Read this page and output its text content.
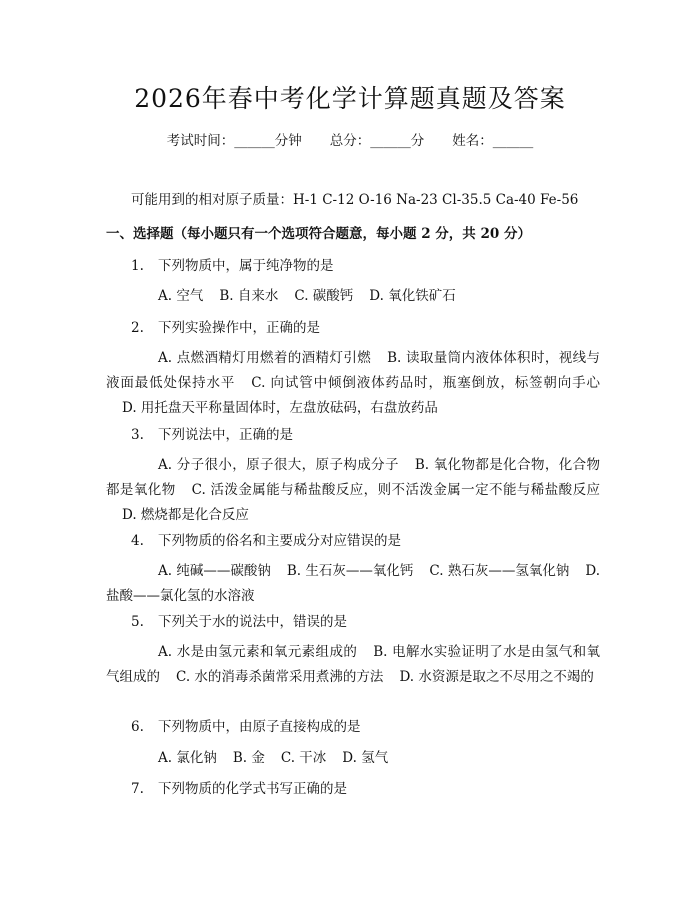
2026年春中考化学计算题真题及答案
考试时间：______分钟 总分：______分 姓名：______
可能用到的相对原子质量：H-1 C-12 O-16 Na-23 Cl-35.5 Ca-40 Fe-56
一、选择题（每小题只有一个选项符合题意，每小题 2 分，共 20 分）
1. 下列物质中，属于纯净物的是
A. 空气 B. 自来水 C. 碳酸钙 D. 氧化铁矿石
2. 下列实验操作中，正确的是
A. 点燃酒精灯用燃着的酒精灯引燃 B. 读取量筒内液体体积时，视线与液面最低处保持水平 C. 向试管中倾倒液体药品时，瓶塞倒放，标签朝向手心D. 用托盘天平称量固体时，左盘放砝码，右盘放药品
3. 下列说法中，正确的是
A. 分子很小，原子很大，原子构成分子 B. 氧化物都是化合物，化合物都是氧化物 C. 活泼金属能与稀盐酸反应，则不活泼金属一定不能与稀盐酸反应D. 燃烧都是化合反应
4. 下列物质的俗名和主要成分对应错误的是
A. 纯碱——碳酸钠 B. 生石灰——氧化钙 C. 熟石灰——氢氧化钠 D. 盐酸——氯化氢的水溶液
5. 下列关于水的说法中，错误的是
A. 水是由氢元素和氧元素组成的 B. 电解水实验证明了水是由氢气和氧气组成的 C. 水的消毒杀菌常采用煮沸的方法 D. 水资源是取之不尽用之不竭的
6. 下列物质中，由原子直接构成的是
A. 氯化钠 B. 金 C. 干冰 D. 氢气
7. 下列物质的化学式书写正确的是
